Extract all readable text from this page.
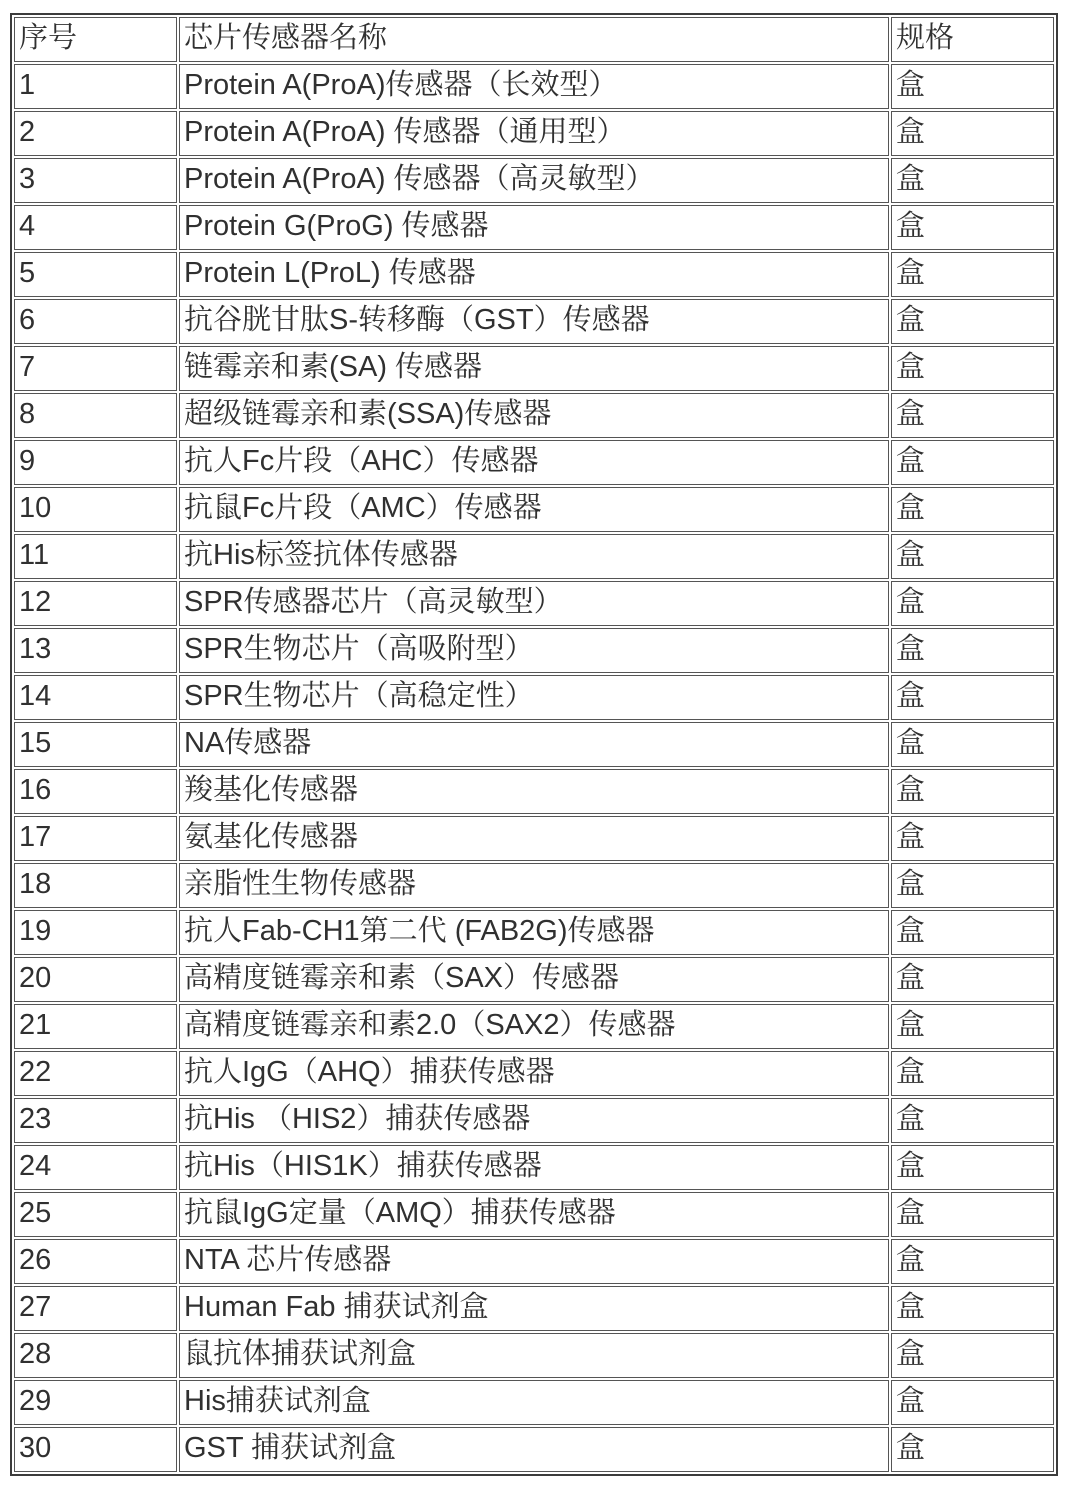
序号	芯片传感器名称	规格
1	Protein A(ProA)传感器（长效型）	盒
2	Protein A(ProA) 传感器（通用型）	盒
3	Protein A(ProA) 传感器（高灵敏型）	盒
4	Protein G(ProG) 传感器	盒
5	Protein L(ProL) 传感器	盒
6	抗谷胱甘肽S-转移酶（GST）传感器	盒
7	链霉亲和素(SA) 传感器	盒
8	超级链霉亲和素(SSA)传感器	盒
9	抗人Fc片段（AHC）传感器	盒
10	抗鼠Fc片段（AMC）传感器	盒
11	抗His标签抗体传感器	盒
12	SPR传感器芯片（高灵敏型）	盒
13	SPR生物芯片（高吸附型）	盒
14	SPR生物芯片（高稳定性）	盒
15	NA传感器	盒
16	羧基化传感器	盒
17	氨基化传感器	盒
18	亲脂性生物传感器	盒
19	抗人Fab-CH1第二代 (FAB2G)传感器	盒
20	高精度链霉亲和素（SAX）传感器	盒
21	高精度链霉亲和素2.0（SAX2）传感器	盒
22	抗人IgG（AHQ）捕获传感器	盒
23	抗His （HIS2）捕获传感器	盒
24	抗His（HIS1K）捕获传感器	盒
25	抗鼠IgG定量（AMQ）捕获传感器	盒
26	NTA 芯片传感器	盒
27	Human Fab 捕获试剂盒	盒
28	鼠抗体捕获试剂盒	盒
29	His捕获试剂盒	盒
30	GST 捕获试剂盒	盒
